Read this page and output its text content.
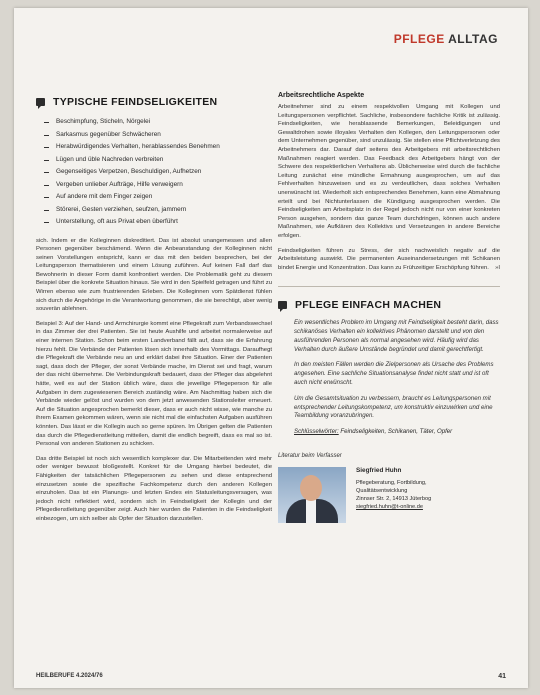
PFLEGE ALLTAG
TYPISCHE FEINDSELIGKEITEN
Beschimpfung, Sticheln, Nörgelei
Sarkasmus gegenüber Schwächeren
Herabwürdigendes Verhalten, herablassendes Benehmen
Lügen und üble Nachreden verbreiten
Gegenseitiges Verpetzen, Beschuldigen, Aufhetzen
Vergeben unlieber Aufträge, Hilfe verweigern
Auf andere mit dem Finger zeigen
Störerei, Gesten verziehen, seufzen, jammern
Unterstellung, oft aus Privat eben überführt

sich. Indem er die Kolleginnen diskreditiert. Das ist absolut unangemessen und allen Personen gegenüber beschämend. Wenn die Anbeanstandung der Kolleginnen nicht seinen Vorstellungen entspricht, kann er das mit den beiden besprechen, bei der Leitungsperson thematisieren und einem Lösung zuführen. Auf keinen Fall darf das Bewohnerin in dieser Form damit konfrontiert werden. Die Problematik geht zu diesem Beispiel über die konkrete Situation hinaus. Sie wird in den Spielfeld getragen und führt zu Wirren ebenso wie zum frustrierenden Erleben. Die Kolleginnen vom Spätdienst fühlen sich durch die Angehörige in die Verantwortung genommen, die sie berechtigt, aber wenig souverän ablehnen.

Beispiel 3: Auf der Hand- und Armchirurgie kommt eine Pflegekraft zum Verbandswechsel in das Zimmer der drei Patienten. Sie ist heute Aushilfe und arbeitet normalerweise auf einer internen Station. Schon beim ersten Landverband fällt auf, dass sie die Erfahrung hierzu fehlt. Die Verbände der Patienten lösen sich innerhalb des Vormittags. Daraufhegt die Pflegekraft die Verbände neu an und erklärt dabei ihre Situation. Einer der Patienten sagt, dass doch der Pfleger, der sonst Verbände mache, im Dienst sei und fragt, warum der das nicht übernehme. Die Verbindungskraft bedauert, dass der Pfleger das abgelehnt hätte, weil es auf der Station üblich wäre, dass die jeweilige Pflegeperson für alle Aufgaben in dem zugewiesenen Bereich zuständig wäre. Am Nachmittag haben sich die Verbände wieder gelöst und wurden von dem jetzt anwesenden Stationsleiter erneuert. Auf die Situation angesprochen bemerkt dieser, dass er auch nicht wisse, wie manche zu ihrem Examen gekommen wären, wenn sie nicht mal die einfachsten Aufgaben ausführen könnten. Das lässt er die Kollegin auch so gerne spüren. Im Übrigen gelten die Patienten das durch die Pflegedienstleitung mitteilen, damit die endlich begreift, dass es mal so ist. Personal von anderen Stationen zu schicken.

Das dritte Beispiel ist noch sich wesentlich komplexer dar. Die Mitarbeitenden wird mehr oder weniger bewusst bloßgestellt. Konkret für die Umgang hierbei bedeutet, die Fähigkeiten der tatsächlichen Pflegepersonen zu sehen und diese entsprechend einzusetzen sowie die spezifische Fachkompetenz durch den anderen Kollegen einzuholen. Das ist ein Planungs- und letzten Endes ein Statusleitungsversagen, was jedoch nicht reflektiert wird, sondern sich in Feindseligkeit der Kollegin und der Pflegedienstleitung gegenüber zeigt. Auch hier wurden die Patienten in die Feindseligkeit einbezogen, um sich selber als Opfer der Situation darzustellen.

Arbeitsrechtliche Aspekte

Arbeitnehmer sind zu einem respektvollen Umgang mit Kollegen und Leitungspersonen verpflichtet. Sachliche, insbesondere fachliche Kritik ist zulässig. Feindseligkeiten, wie herablassende Bemerkungen, Beleidigungen und Gewaltdrohen sowie illoyales Verhalten den Kollegen, den Leitungspersonen oder dem Unternehmen gegenüber, sind unzulässig. Sie stellen eine Pflichtverletzung des Arbeitnehmers dar. Darauf darf seitens des Arbeitgebers mit arbeitsrechtlichen Maßnahmen reagiert werden. Das Feedback des Arbeitgebers hängt von der Schwere des respektierlichen Verhaltens ab. Üblicherweise wird durch die fachliche Leitung zunächst eine mündliche Ermahnung ausgesprochen, um auf das Fehlverhalten hinzuweisen und es zu verdeutlichen, dass solches Verhalten unerwünscht ist. Wiederholt sich entsprechendes Benehmen, kann eine Abmahnung erteilt und bei Nichtunterlassen die Kündigung ausgesprochen werden. Die Feindseligkeiten am Arbeitsplatz in der Regel jedoch nicht nur von einer konkreten Person ausgehen, sondern das ganze Team durchdringen, können auch andere Maßnahmen, wie Aufklären des Kollektivs und Versetzungen in andere Bereiche erfolgen.

Feindseligkeiten führen zu Stress, der sich nachweislich negativ auf die Arbeitsleistung auswirkt. Die permanenten Auseinandersetzungen mit Schikanen bindet Energie und Konzentration. Das kann zu Frühzeitiger Erschöpfung führen. »I

PFLEGE EINFACH MACHEN

Ein wesentliches Problem im Umgang mit Feindseligkeit besteht darin, dass schikanöses Verhalten ein kollektives Phänomen darstellt und von den ausführenden Personen als normal angesehen wird. Häufig wird das Verhalten durch äußere Umstände begründet und damit gerechtfertigt.

In den meisten Fällen werden die Zielpersonen als Ursache des Problems angesehen. Eine sachliche Situationsanalyse findet nicht statt und ist oft auch nicht erwünscht.

Um die Gesamtsituation zu verbessern, braucht es Leitungspersonen mit entsprechender Leitungskompetenz, um konstruktiv einzuwirken und eine Teambildung voranzubringen.

Schlüsselwörter: Feindseligkeiten, Schikanen, Täter, Opfer
Literatur beim Verfasser
Siegfried Huhn
Pflegeberatung, Fortbildung,
Qualitätsentwicklung
Zinnser Str. 2, 14913 Jüterbog
siegfried.huhn@t-online.de
HEILBERUFE 4.2024/76	41
